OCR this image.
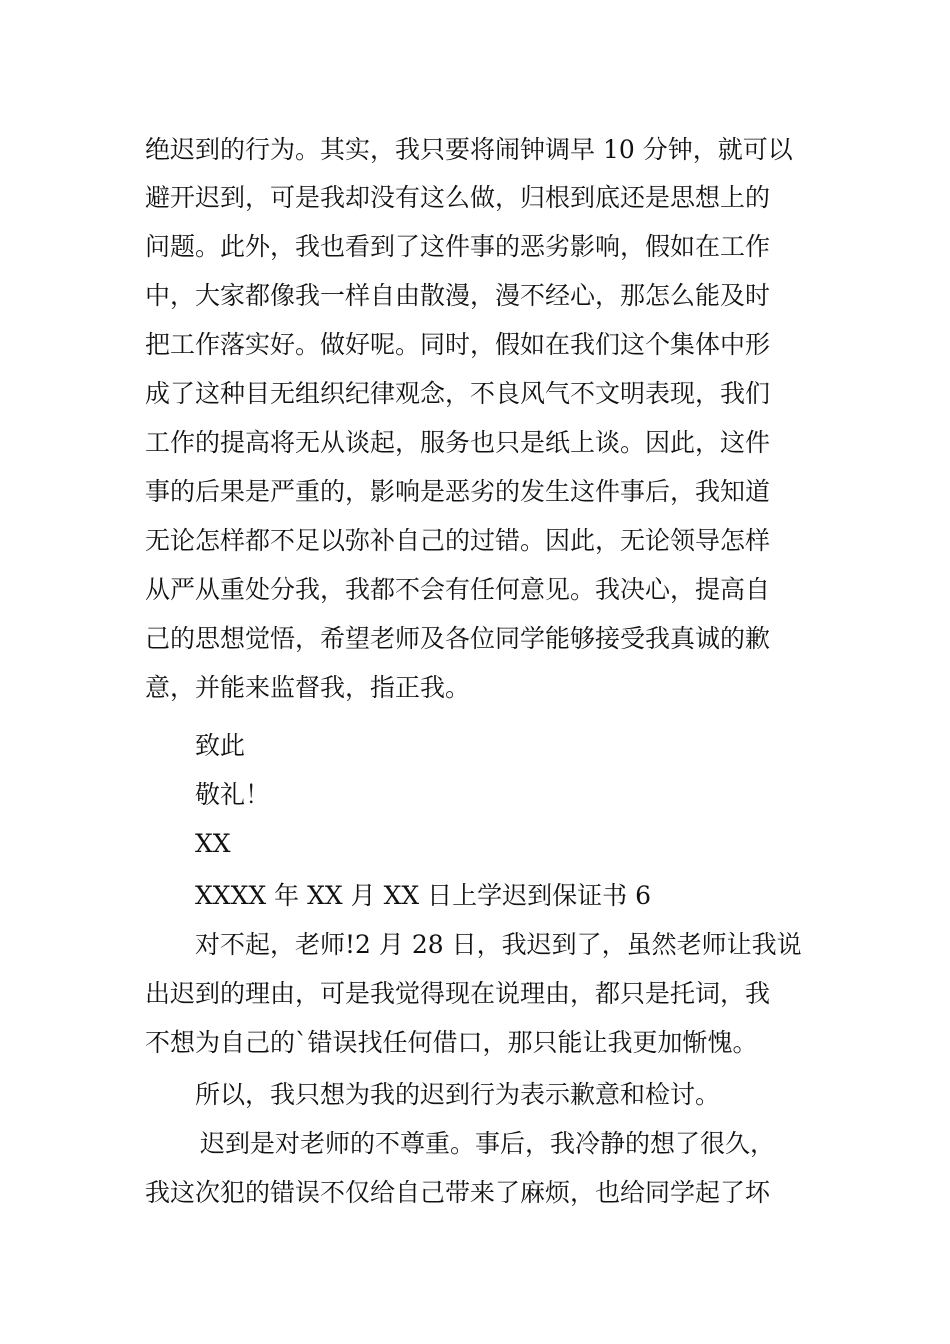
绝迟到的行为。其实，我只要将闹钟调早 10 分钟，就可以
避开迟到，可是我却没有这么做，归根到底还是思想上的
问题。此外，我也看到了这件事的恶劣影响，假如在工作
中，大家都像我一样自由散漫，漫不经心，那怎么能及时
把工作落实好。做好呢。同时，假如在我们这个集体中形
成了这种目无组织纪律观念，不良风气不文明表现，我们
工作的提高将无从谈起，服务也只是纸上谈。因此，这件
事的后果是严重的，影响是恶劣的发生这件事后，我知道
无论怎样都不足以弥补自己的过错。因此，无论领导怎样
从严从重处分我，我都不会有任何意见。我决心，提高自
己的思想觉悟，希望老师及各位同学能够接受我真诚的歉
意，并能来监督我，指正我。
致此
敬礼！
XX
XXXX 年 XX 月 XX 日上学迟到保证书 6
对不起，老师!2 月 28 日，我迟到了，虽然老师让我说
出迟到的理由，可是我觉得现在说理由，都只是托词，我
不想为自己的`错误找任何借口，那只能让我更加惭愧。
所以，我只想为我的迟到行为表示歉意和检讨。
迟到是对老师的不尊重。事后，我冷静的想了很久，
我这次犯的错误不仅给自己带来了麻烦，也给同学起了坏
